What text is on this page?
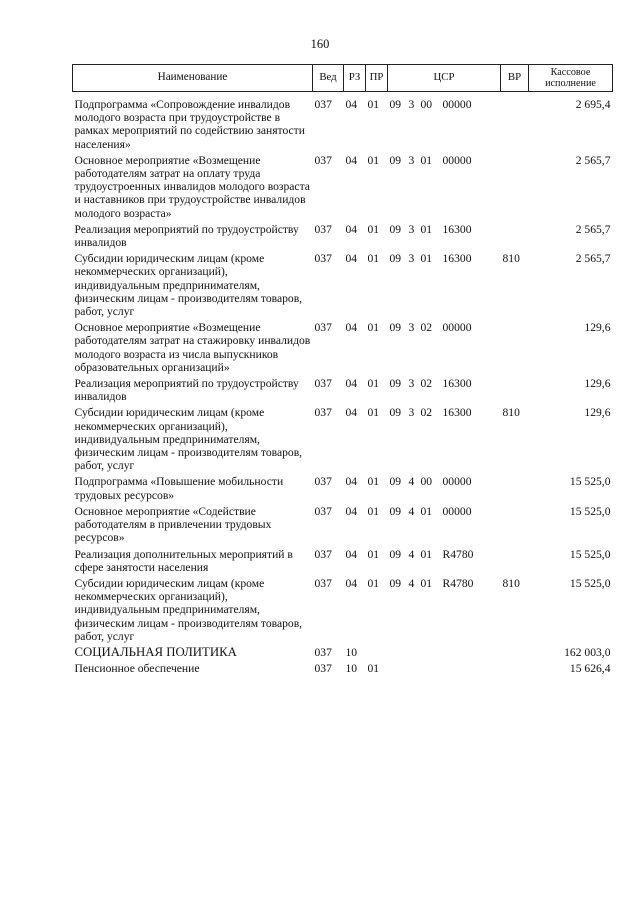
160
Наименование	Вед	РЗ	ПР	ЦСР	ВР	Кассовое исполнение
Подпрограмма «Сопровождение инвалидов молодого возраста при трудоустройстве в рамках мероприятий по содействию занятости населения»	037	04	01	09 3 00 00000		2 695,4
Основное мероприятие «Возмещение работодателям затрат на оплату труда трудоустроенных инвалидов молодого возраста и наставников при трудоустройстве инвалидов молодого возраста»	037	04	01	09 3 01 00000		2 565,7
Реализация мероприятий по трудоустройству инвалидов	037	04	01	09 3 01 16300		2 565,7
Субсидии юридическим лицам (кроме некоммерческих организаций), индивидуальным предпринимателям, физическим лицам - производителям товаров, работ, услуг	037	04	01	09 3 01 16300	810	2 565,7
Основное мероприятие «Возмещение работодателям затрат на стажировку инвалидов молодого возраста из числа выпускников образовательных организаций»	037	04	01	09 3 02 00000		129,6
Реализация мероприятий по трудоустройству инвалидов	037	04	01	09 3 02 16300		129,6
Субсидии юридическим лицам (кроме некоммерческих организаций), индивидуальным предпринимателям, физическим лицам - производителям товаров, работ, услуг	037	04	01	09 3 02 16300	810	129,6
Подпрограмма «Повышение мобильности трудовых ресурсов»	037	04	01	09 4 00 00000		15 525,0
Основное мероприятие «Содействие работодателям в привлечении трудовых ресурсов»	037	04	01	09 4 01 00000		15 525,0
Реализация дополнительных мероприятий в сфере занятости населения	037	04	01	09 4 01 R4780		15 525,0
Субсидии юридическим лицам (кроме некоммерческих организаций), индивидуальным предпринимателям, физическим лицам - производителям товаров, работ, услуг	037	04	01	09 4 01 R4780	810	15 525,0
СОЦИАЛЬНАЯ ПОЛИТИКА	037	10				162 003,0
Пенсионное обеспечение	037	10	01			15 626,4
